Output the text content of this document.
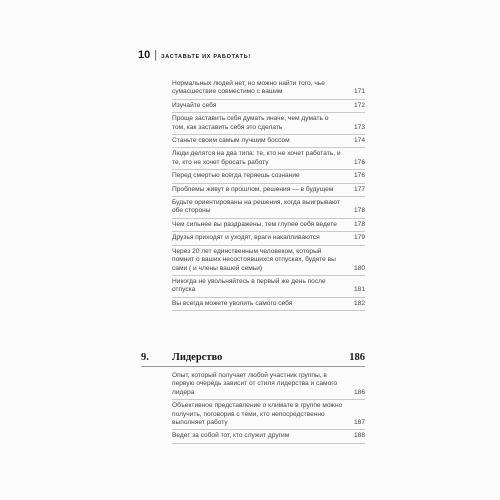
10 | ЗАСТАВЬТЕ ИХ РАБОТАТЬ!
Нормальных людей нет, но можно найти того, чье сумасшествие совместимо с вашим	171
Изучайте себя	172
Проще заставить себя думать иначе, чем думать о том, как заставить себя это сделать	173
Станьте своим самым лучшим боссом	174
Люди делятся на два типа: те, кто не хочет работать, и те, кто не хочет бросать работу	176
Перед смертью всегда теряешь сознание	176
Проблемы живут в прошлом, решения — в будущем	177
Будьте ориентированы на решения, когда выигрывают обе стороны	178
Чем сильнее вы раздражены, тем глупее себя ведете	178
Друзья приходят и уходят, враги накапливаются	179
Через 20 лет единственным человеком, который помнит о ваших несостоявшихся отпусках, будете вы сами ( и члены вашей семьи)	180
Никогда не увольняйтесь в первый же день после отпуска	181
Вы всегда можете уволить самого себя	182
9. Лидерство	186
Опыт, который получает любой участник группы, в первую очередь зависит от стиля лидерства и самого лидера	186
Объективное представление о климате в группе можно получить, поговорив с теми, кто непосредственно выполняет работу	187
Ведет за собой тот, кто служит другим	188
